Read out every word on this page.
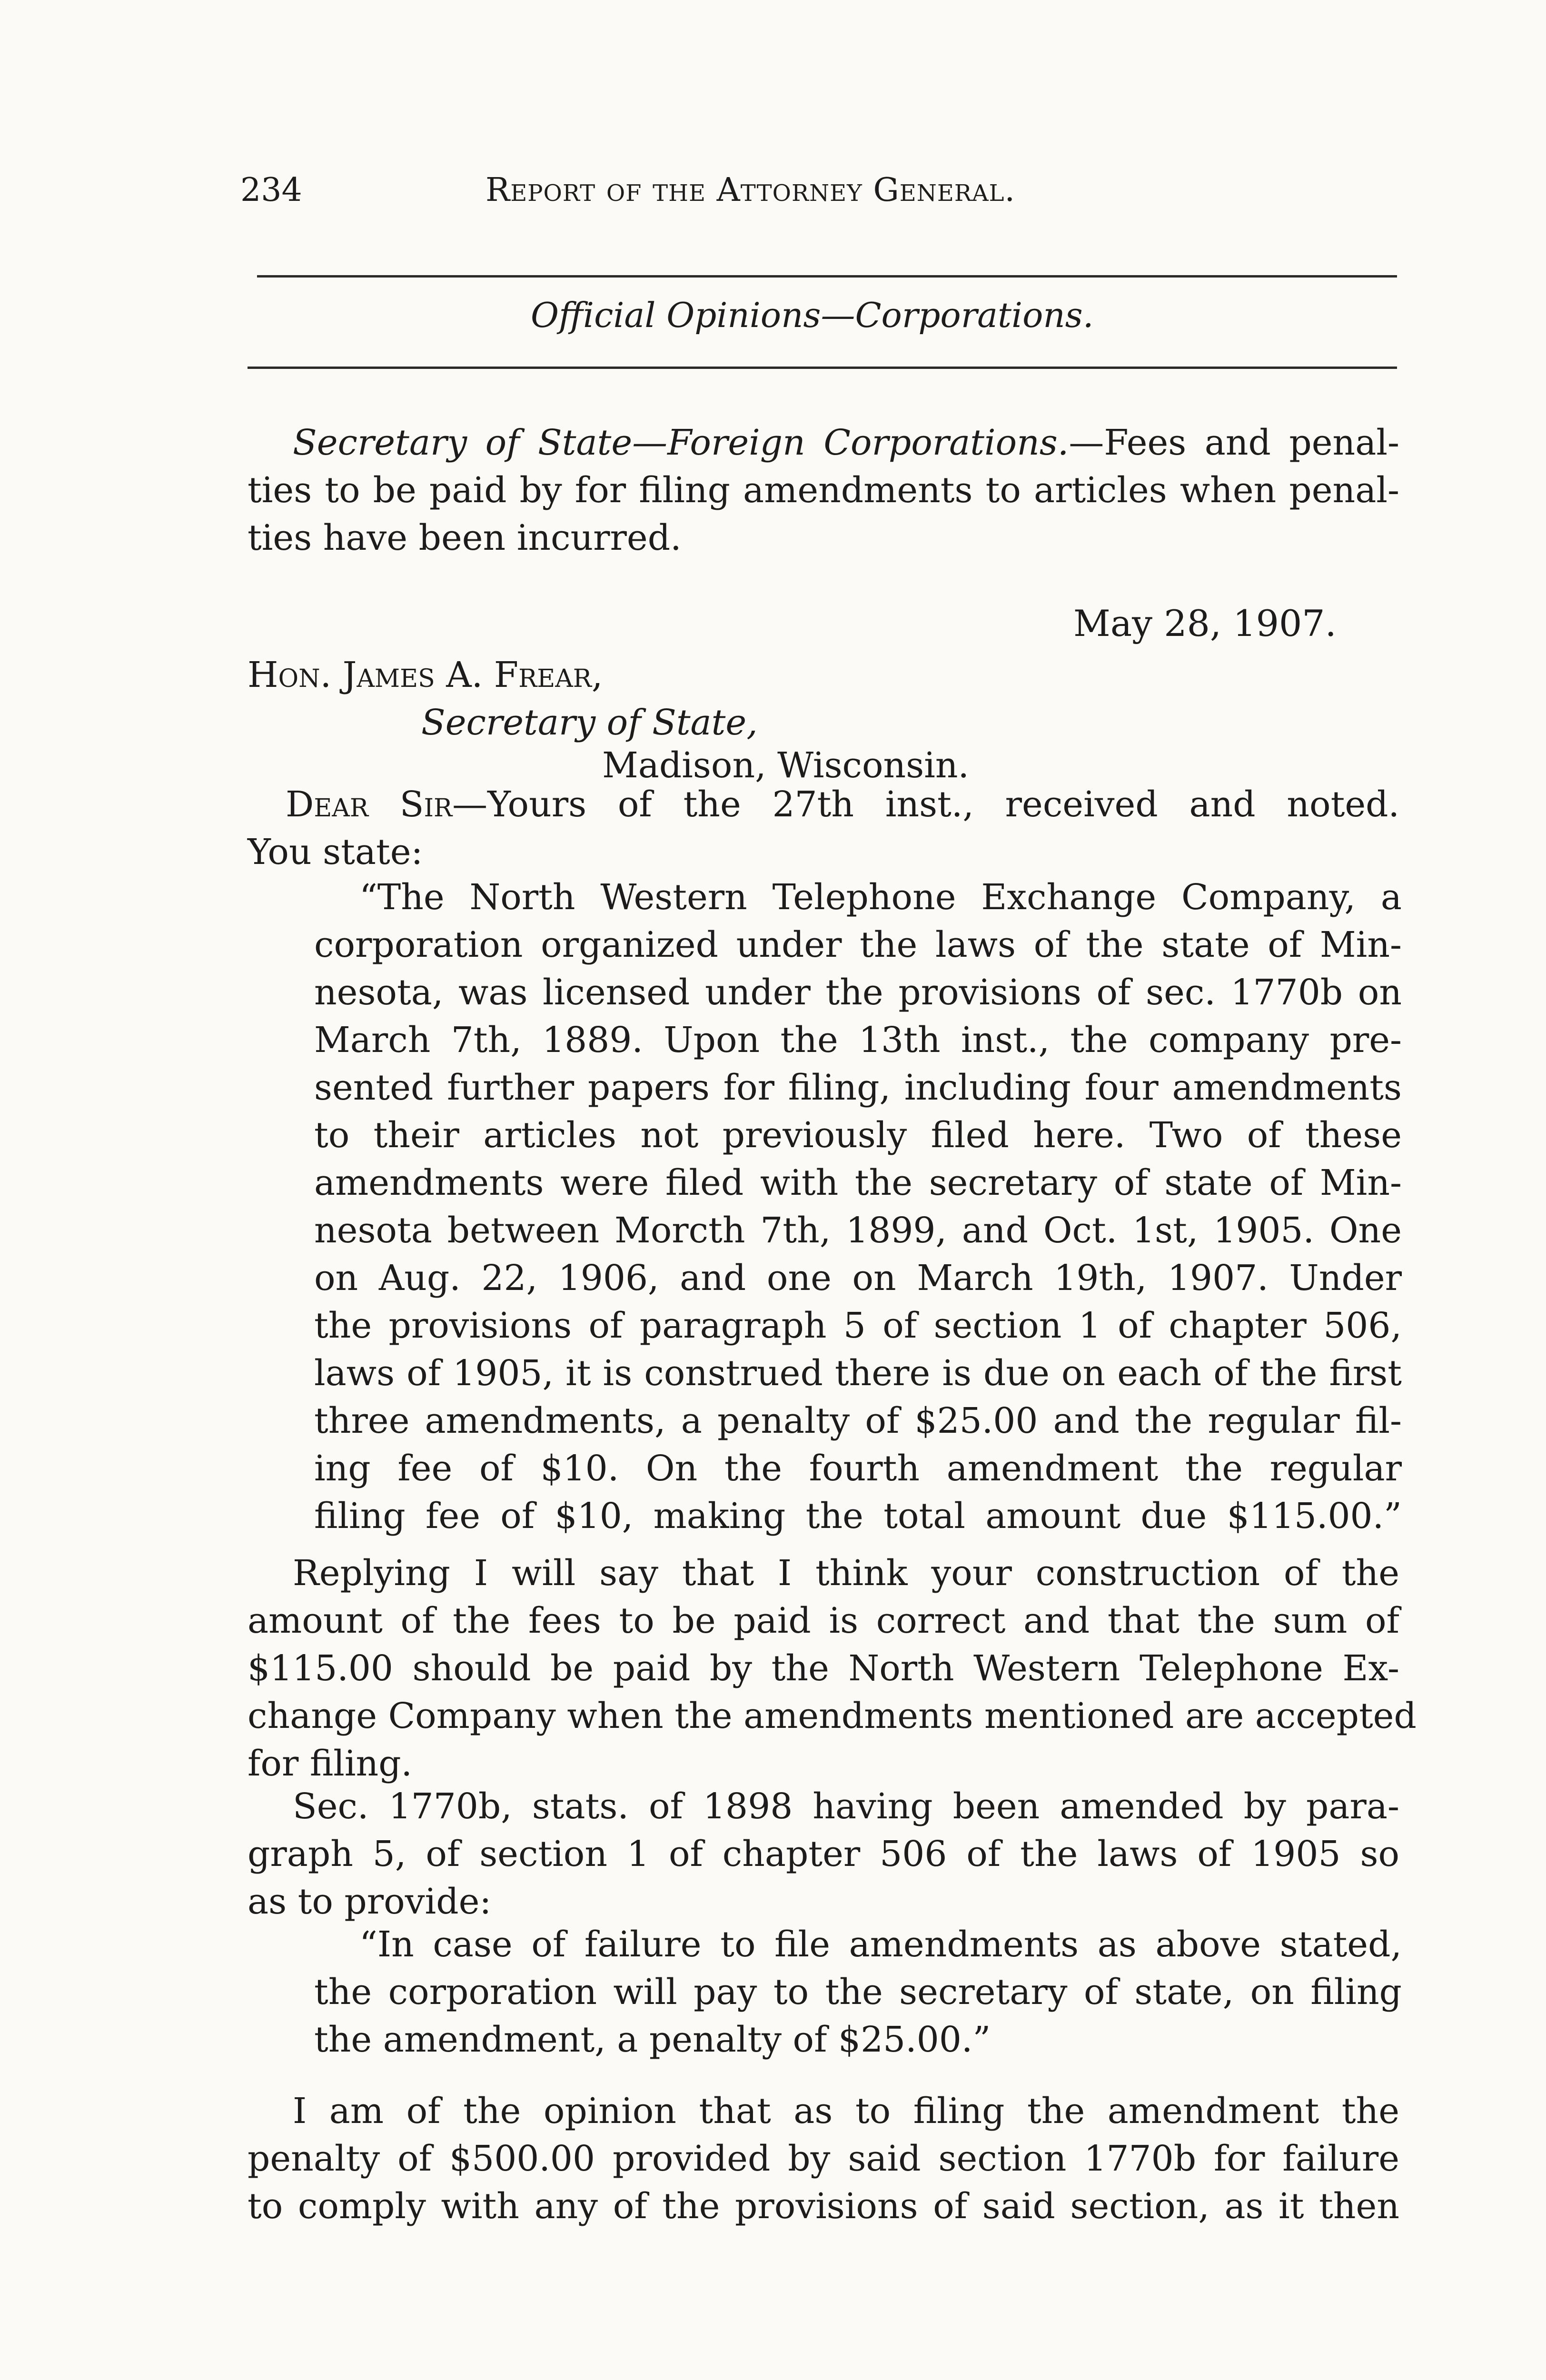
234	Report of the Attorney General.
Official Opinions—Corporations.
Secretary of State—Foreign Corporations.—Fees and penal-
ties to be paid by for filing amendments to articles when penal-
ties have been incurred.
May 28, 1907.
Hon. James A. Frear,
Secretary of State,
Madison, Wisconsin.
Dear Sir—Yours of the 27th inst., received and noted.
You state:
“The North Western Telephone Exchange Company, a
corporation organized under the laws of the state of Min-
nesota, was licensed under the provisions of sec. 1770b on
March 7th, 1889. Upon the 13th inst., the company pre-
sented further papers for filing, including four amendments
to their articles not previously filed here. Two of these
amendments were filed with the secretary of state of Min-
nesota between Morcth 7th, 1899, and Oct. 1st, 1905. One
on Aug. 22, 1906, and one on March 19th, 1907. Under
the provisions of paragraph 5 of section 1 of chapter 506,
laws of 1905, it is construed there is due on each of the first
three amendments, a penalty of $25.00 and the regular fil-
ing fee of $10. On the fourth amendment the regular
filing fee of $10, making the total amount due $115.00.”
Replying I will say that I think your construction of the
amount of the fees to be paid is correct and that the sum of
$115.00 should be paid by the North Western Telephone Ex-
change Company when the amendments mentioned are accepted
for filing.
Sec. 1770b, stats. of 1898 having been amended by para-
graph 5, of section 1 of chapter 506 of the laws of 1905 so
as to provide:
“In case of failure to file amendments as above stated,
the corporation will pay to the secretary of state, on filing
the amendment, a penalty of $25.00.”
I am of the opinion that as to filing the amendment the
penalty of $500.00 provided by said section 1770b for failure
to comply with any of the provisions of said section, as it then
